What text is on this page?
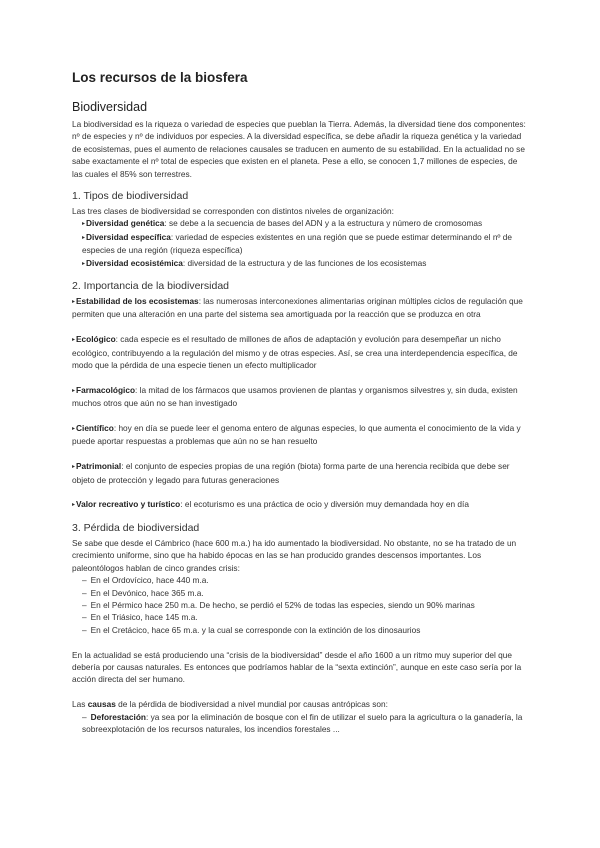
Los recursos de la biosfera
Biodiversidad

La biodiversidad es la riqueza o variedad de especies que pueblan la Tierra. Además, la diversidad tiene dos componentes: nº de especies y nº de individuos por especies. A la diversidad específica, se debe añadir la riqueza genética y la variedad de ecosistemas, pues el aumento de relaciones causales se traducen en aumento de su estabilidad. En la actualidad no se sabe exactamente el nº total de especies que existen en el planeta. Pese a ello, se conocen 1,7 millones de especies, de las cuales el 85% son terrestres.

1. Tipos de biodiversidad

Las tres clases de biodiversidad se corresponden con distintos niveles de organización:

▸Diversidad genética: se debe a la secuencia de bases del ADN y a la estructura y número de cromosomas
▸Diversidad específica: variedad de especies existentes en una región que se puede estimar determinando el nº de especies de una región (riqueza específica)
▸Diversidad ecosistémica: diversidad de la estructura y de las funciones de los ecosistemas
2. Importancia de la biodiversidad
▸Estabilidad de los ecosistemas: las numerosas interconexiones alimentarias originan múltiples ciclos de regulación que permiten que una alteración en una parte del sistema sea amortiguada por la reacción que se produzca en otra
▸Ecológico: cada especie es el resultado de millones de años de adaptación y evolución para desempeñar un nicho ecológico, contribuyendo a la regulación del mismo y de otras especies. Así, se crea una interdependencia específica, de modo que la pérdida de una especie tienen un efecto multiplicador
▸Farmacológico: la mitad de los fármacos que usamos provienen de plantas y organismos silvestres y, sin duda, existen muchos otros que aún no se han investigado
▸Científico: hoy en día se puede leer el genoma entero de algunas especies, lo que aumenta el conocimiento de la vida y puede aportar respuestas a problemas que aún no se han resuelto
▸Patrimonial: el conjunto de especies propias de una región (biota) forma parte de una herencia recibida que debe ser objeto de protección y legado para futuras generaciones
▸Valor recreativo y turístico: el ecoturismo es una práctica de ocio y diversión muy demandada hoy en día
3. Pérdida de biodiversidad

Se sabe que desde el Cámbrico (hace 600 m.a.) ha ido aumentado la biodiversidad. No obstante, no se ha tratado de un crecimiento uniforme, sino que ha habido épocas en las se han producido grandes descensos importantes. Los paleontólogos hablan de cinco grandes crisis:

– En el Ordovícico, hace 440 m.a.
– En el Devónico, hace 365 m.a.
– En el Pérmico hace 250 m.a. De hecho, se perdió el 52% de todas las especies, siendo un 90% marinas
– En el Triásico, hace 145 m.a.
– En el Cretácico, hace 65 m.a. y la cual se corresponde con la extinción de los dinosaurios

En la actualidad se está produciendo una “crisis de la biodiversidad” desde el año 1600 a un ritmo muy superior del que debería por causas naturales. Es entonces que podríamos hablar de la “sexta extinción”, aunque en este caso sería por la acción directa del ser humano.

Las causas de la pérdida de biodiversidad a nivel mundial por causas antrópicas son:

– Deforestación: ya sea por la eliminación de bosque con el fin de utilizar el suelo para la agricultura o la ganadería, la

sobreexplotación de los recursos naturales, los incendios forestales ...
